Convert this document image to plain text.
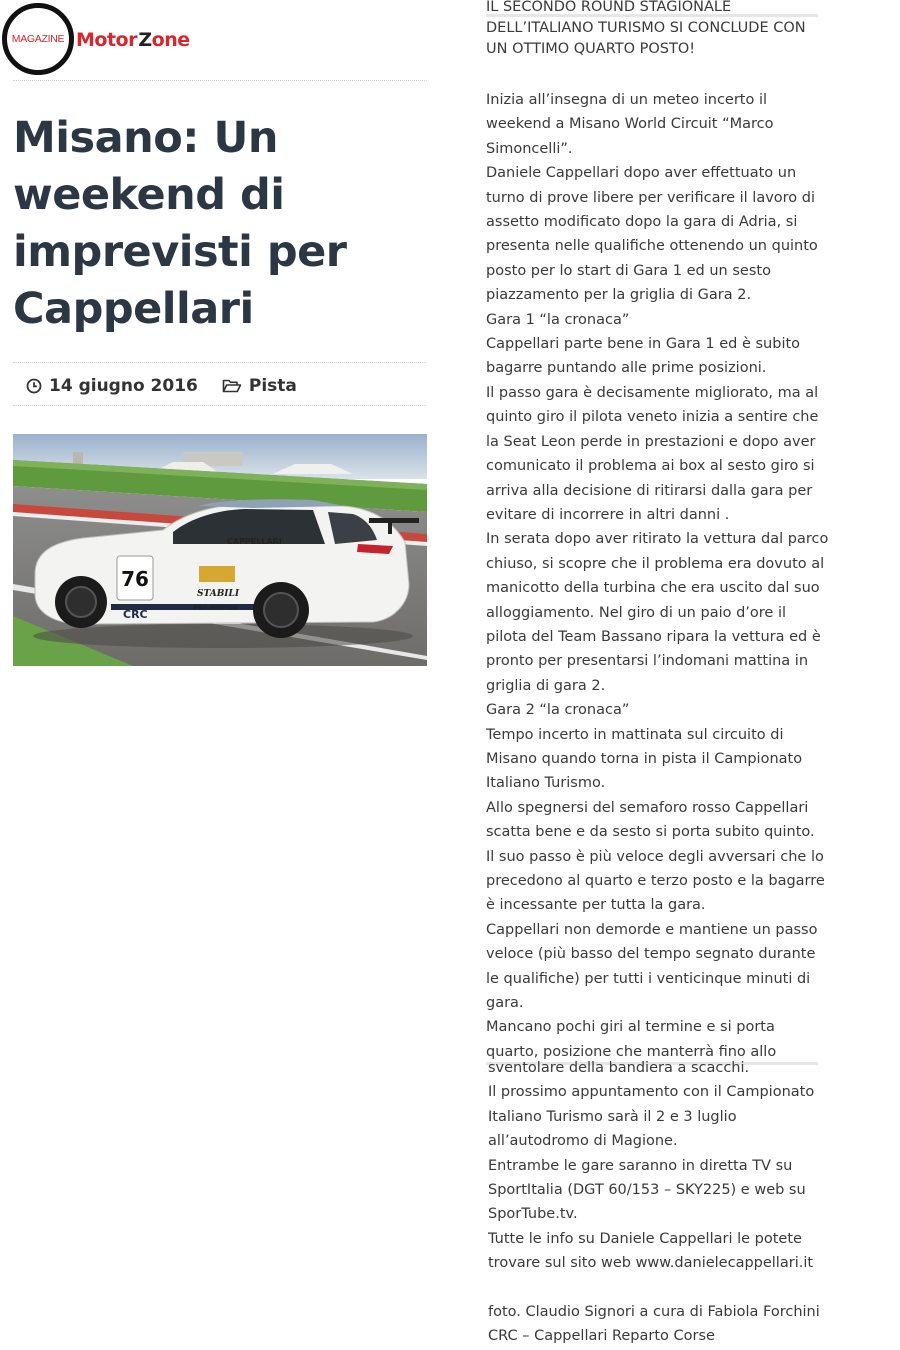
MAGAZINE Motor Zone
Misano: Un
weekend di
imprevisti per
Cappellari
14 giugno 2016	Pista
76
CAPPELLARI
STABILI
PRO-MOTION
CRC

IL SECONDO ROUND STAGIONALE

DELL’ITALIANO TURISMO SI CONCLUDE CON

UN OTTIMO QUARTO POSTO!

Inizia all’insegna di un meteo incerto il

weekend a Misano World Circuit “Marco

Simoncelli”.

Daniele Cappellari dopo aver effettuato un

turno di prove libere per verificare il lavoro di

assetto modificato dopo la gara di Adria, si

presenta nelle qualifiche ottenendo un quinto

posto per lo start di Gara 1 ed un sesto

piazzamento per la griglia di Gara 2.

Gara 1 “la cronaca”

Cappellari parte bene in Gara 1 ed è subito

bagarre puntando alle prime posizioni.

Il passo gara è decisamente migliorato, ma al

quinto giro il pilota veneto inizia a sentire che

la Seat Leon perde in prestazioni e dopo aver

comunicato il problema ai box al sesto giro si

arriva alla decisione di ritirarsi dalla gara per

evitare di incorrere in altri danni .

In serata dopo aver ritirato la vettura dal parco

chiuso, si scopre che il problema era dovuto al

manicotto della turbina che era uscito dal suo

alloggiamento. Nel giro di un paio d’ore il

pilota del Team Bassano ripara la vettura ed è

pronto per presentarsi l’indomani mattina in

griglia di gara 2.

Gara 2 “la cronaca”

Tempo incerto in mattinata sul circuito di

Misano quando torna in pista il Campionato

Italiano Turismo.

Allo spegnersi del semaforo rosso Cappellari

scatta bene e da sesto si porta subito quinto.

Il suo passo è più veloce degli avversari che lo

precedono al quarto e terzo posto e la bagarre

è incessante per tutta la gara.

Cappellari non demorde e mantiene un passo

veloce (più basso del tempo segnato durante

le qualifiche) per tutti i venticinque minuti di

gara.

Mancano pochi giri al termine e si porta

quarto, posizione che manterrà fino allo

sventolare della bandiera a scacchi.

Il prossimo appuntamento con il Campionato

Italiano Turismo sarà il 2 e 3 luglio

all’autodromo di Magione.

Entrambe le gare saranno in diretta TV su

SportItalia (DGT 60/153 – SKY225) e web su

SporTube.tv.

Tutte le info su Daniele Cappellari le potete

trovare sul sito web www.danielecappellari.it

foto. Claudio Signori a cura di Fabiola Forchini

CRC – Cappellari Reparto Corse
